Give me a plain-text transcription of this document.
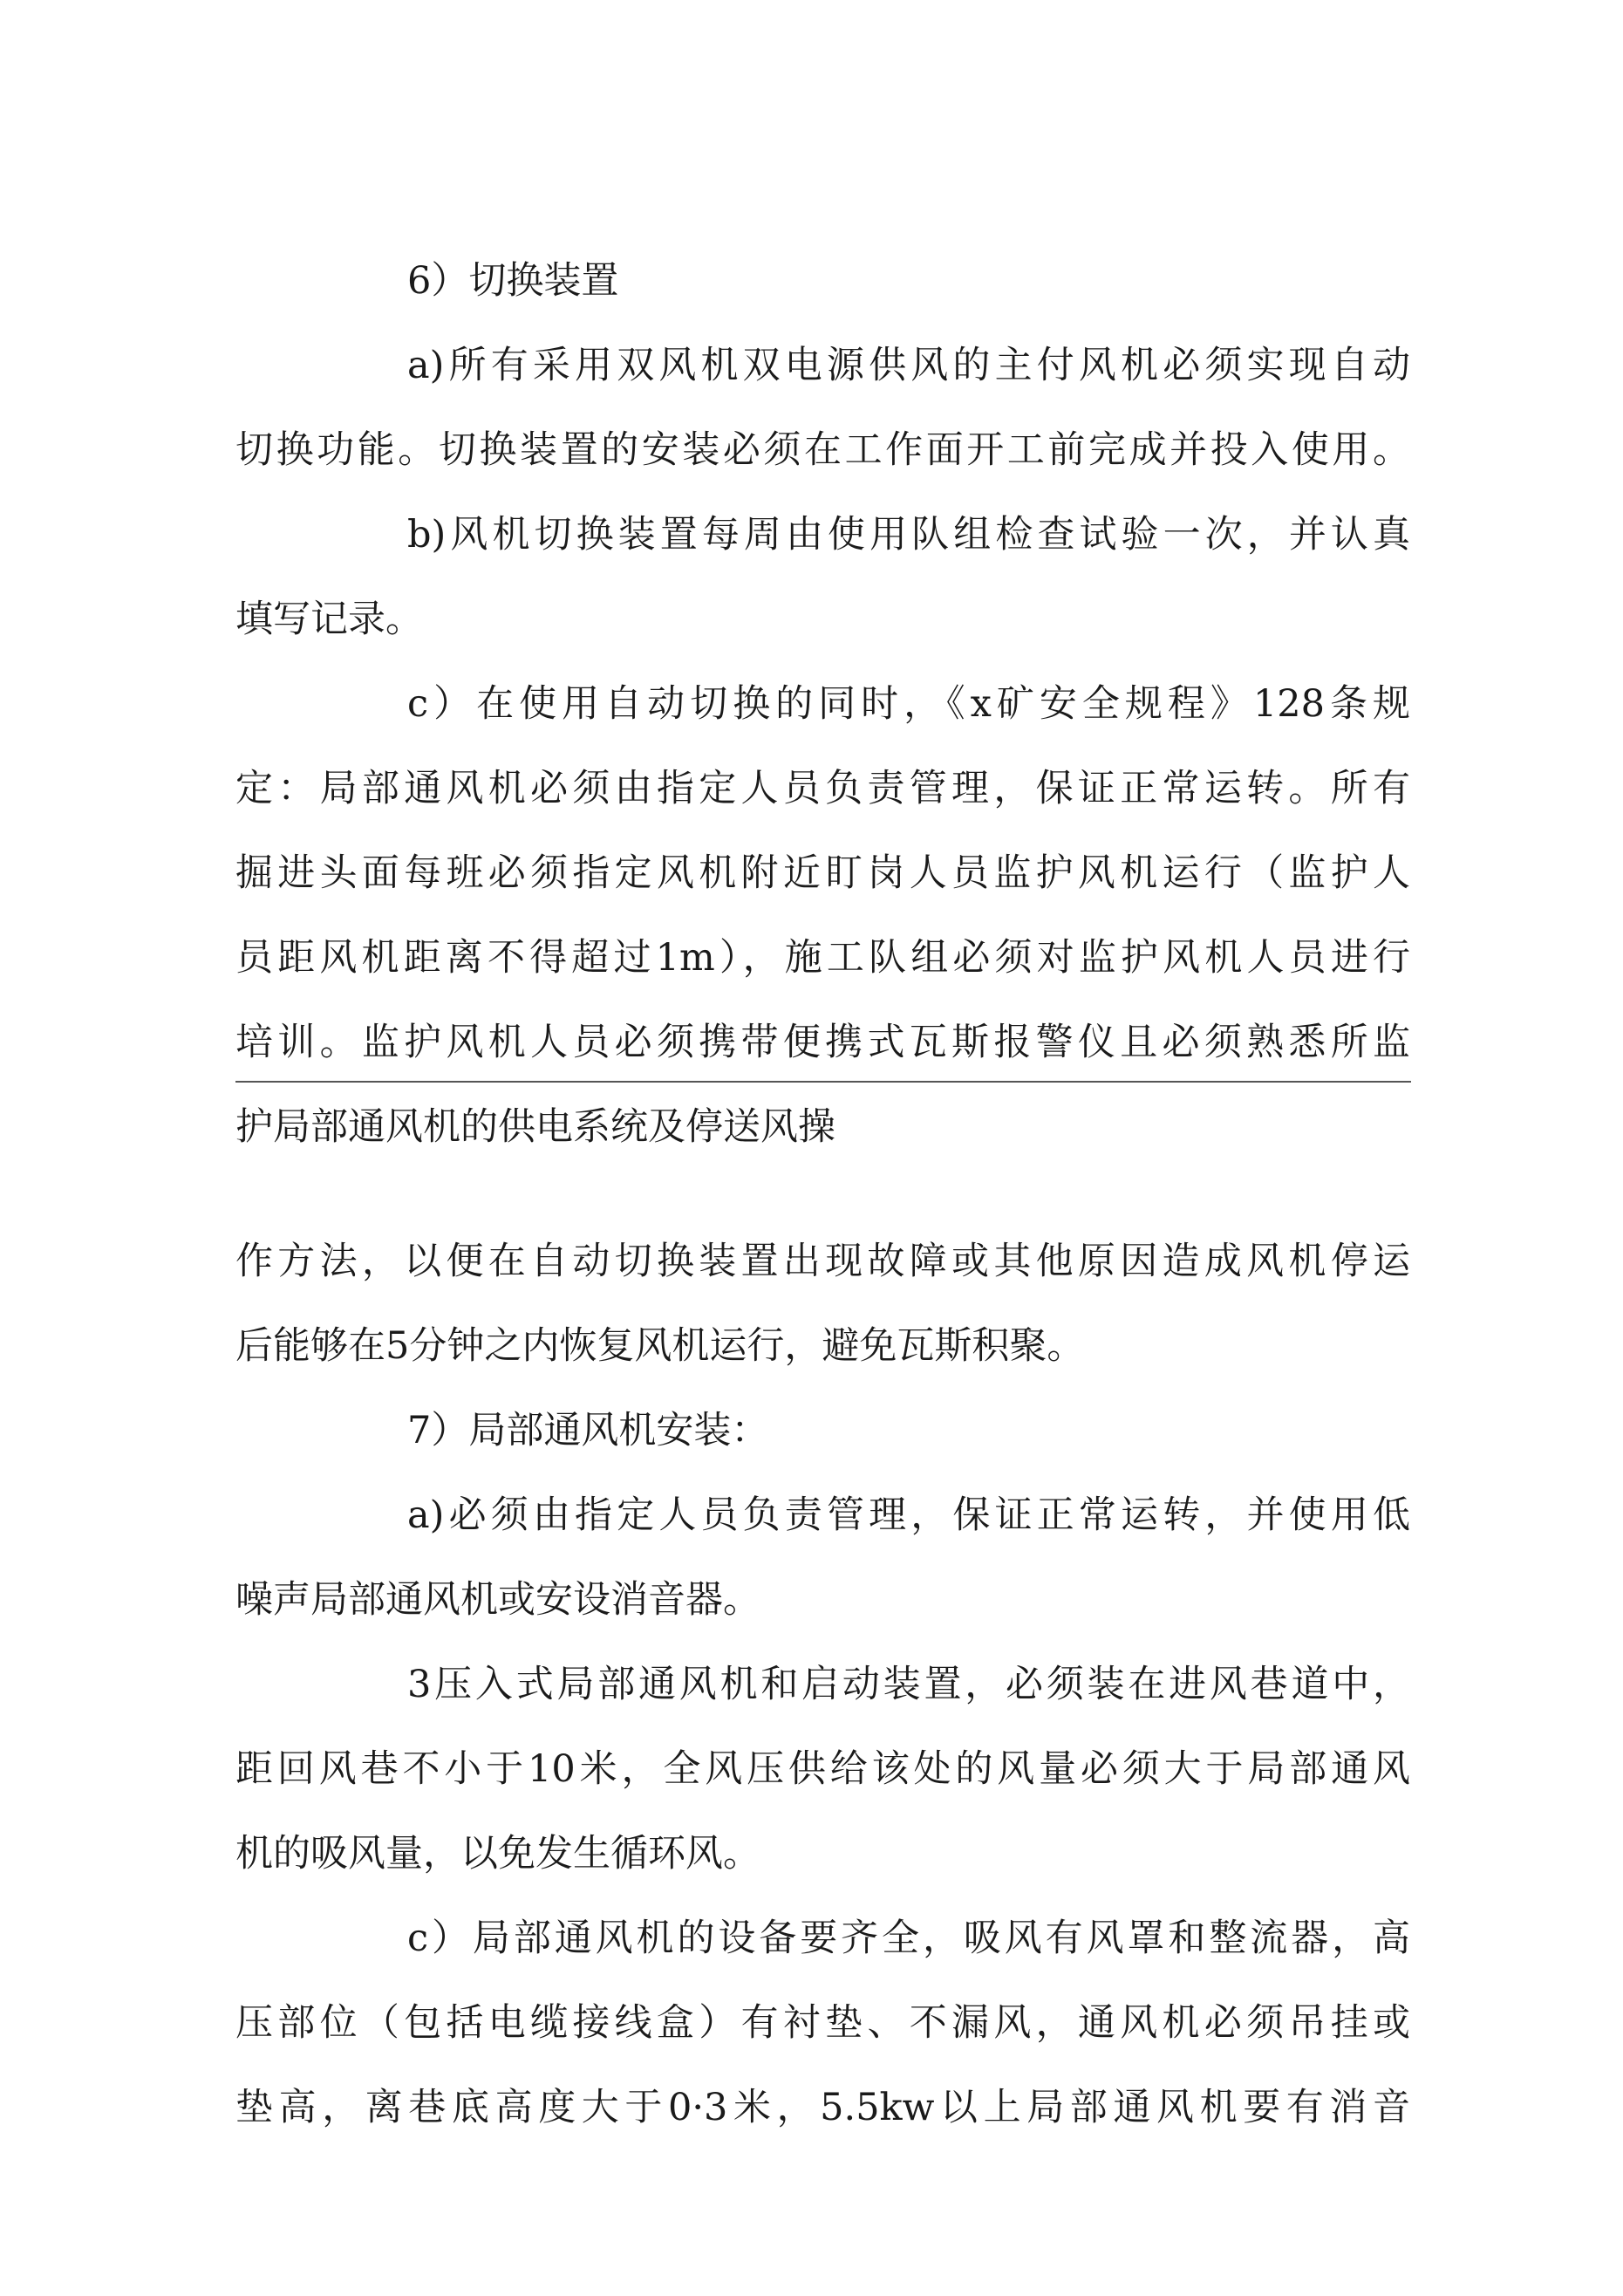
6）切换装置

a)所有采用双风机双电源供风的主付风机必须实现自动

切换功能。切换装置的安装必须在工作面开工前完成并投入使用。

b)风机切换装置每周由使用队组检查试验一次，并认真

填写记录。

c）在使用自动切换的同时，《x矿安全规程》128条规

定：局部通风机必须由指定人员负责管理，保证正常运转。所有

掘进头面每班必须指定风机附近盯岗人员监护风机运行（监护人

员距风机距离不得超过1m），施工队组必须对监护风机人员进行

培训。监护风机人员必须携带便携式瓦斯报警仪且必须熟悉所监

护局部通风机的供电系统及停送风操

作方法，以便在自动切换装置出现故障或其他原因造成风机停运

后能够在5分钟之内恢复风机运行，避免瓦斯积聚。

7）局部通风机安装：

a)必须由指定人员负责管理，保证正常运转，并使用低

噪声局部通风机或安设消音器。

3压入式局部通风机和启动装置，必须装在进风巷道中，

距回风巷不小于10米，全风压供给该处的风量必须大于局部通风

机的吸风量，以免发生循环风。

c）局部通风机的设备要齐全，吸风有风罩和整流器，高

压部位（包括电缆接线盒）有衬垫、不漏风，通风机必须吊挂或

垫高，离巷底高度大于0·3米，5.5kw以上局部通风机要有消音
